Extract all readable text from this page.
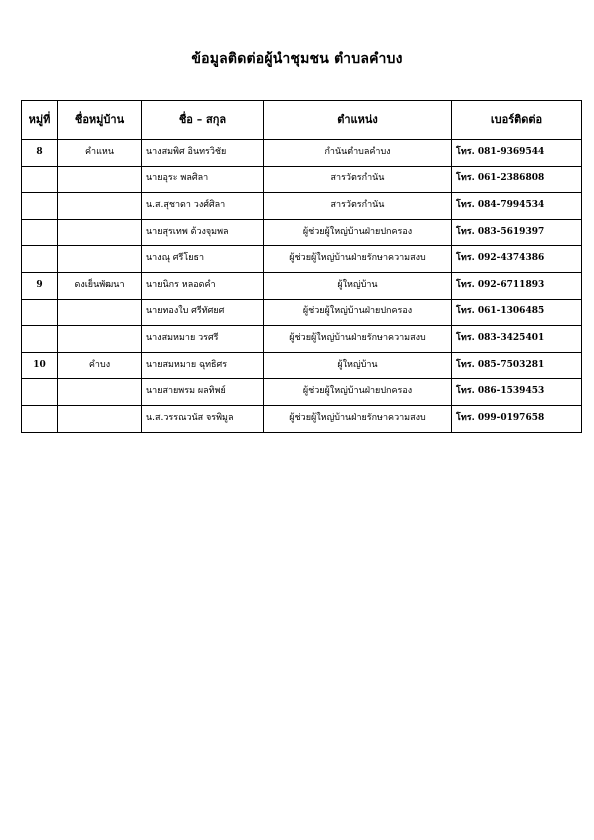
ข้อมูลติดต่อผู้นำชุมชน ตำบลคำบง
หมู่ที่	ชื่อหมู่บ้าน	ชื่อ – สกุล	ตำแหน่ง	เบอร์ติดต่อ
8	คำแหน	นางสมพิศ อินทรวิชัย	กำนันตำบลคำบง	โทร. 081-9369544
		นายอุระ พลศิลา	สารวัตรกำนัน	โทร. 061-2386808
		น.ส.สุชาดา วงศ์ศิลา	สารวัตรกำนัน	โทร. 084-7994534
		นายสุรเทพ ด้วงจุมพล	ผู้ช่วยผู้ใหญ่บ้านฝ่ายปกครอง	โทร. 083-5619397
		นางณุ ศรีโยธา	ผู้ช่วยผู้ใหญ่บ้านฝ่ายรักษาความสงบ	โทร. 092-4374386
9	ดงเย็นพัฒนา	นายนิกร หลอดคำ	ผู้ใหญ่บ้าน	โทร. 092-6711893
		นายทองใบ ศรีทัศยศ	ผู้ช่วยผู้ใหญ่บ้านฝ่ายปกครอง	โทร. 061-1306485
		นางสมหมาย วรศรี	ผู้ช่วยผู้ใหญ่บ้านฝ่ายรักษาความสงบ	โทร. 083-3425401
10	คำบง	นายสมหมาย ฉุทธิศร	ผู้ใหญ่บ้าน	โทร. 085-7503281
		นายสายพรม ผลทิพย์	ผู้ช่วยผู้ใหญ่บ้านฝ่ายปกครอง	โทร. 086-1539453
		น.ส.วรรณวนัส จรพิมูล	ผู้ช่วยผู้ใหญ่บ้านฝ่ายรักษาความสงบ	โทร. 099-0197658
